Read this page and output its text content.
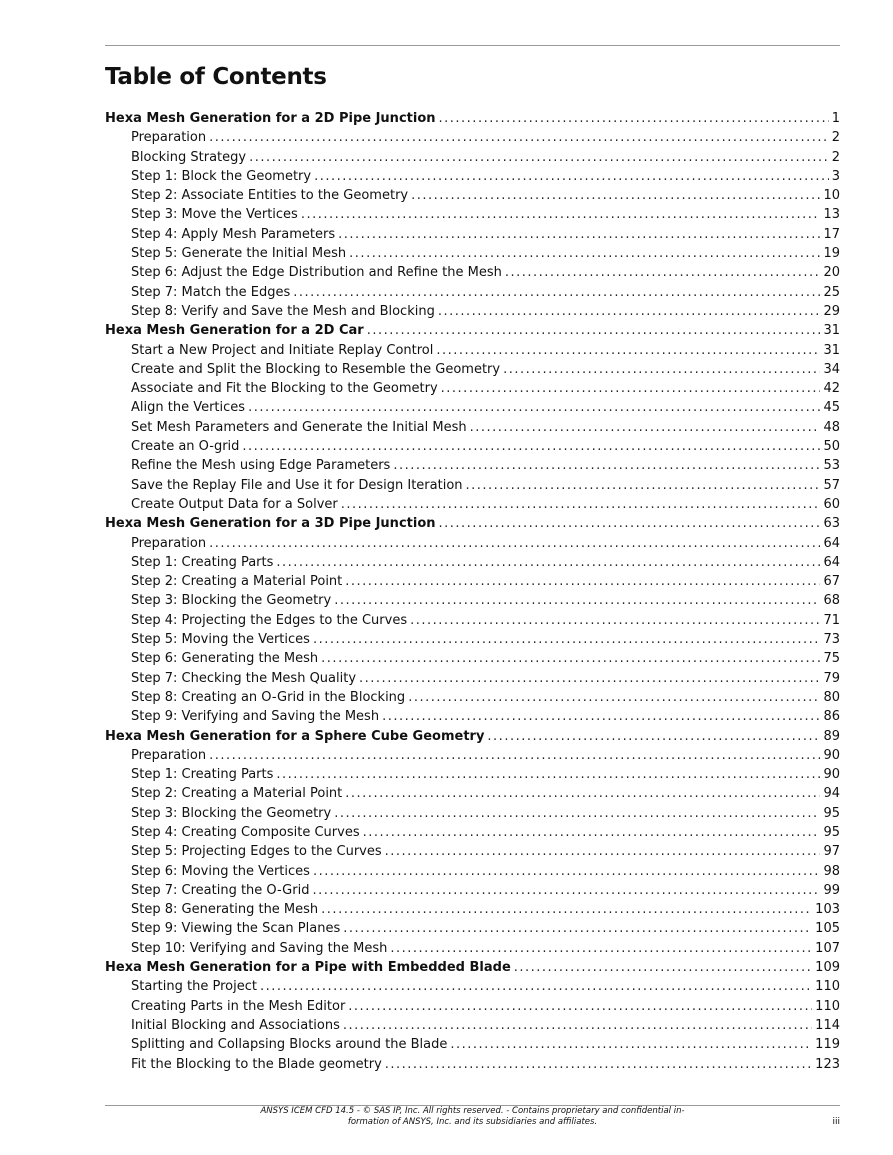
Table of Contents
Hexa Mesh Generation for a 2D Pipe Junction .....	1
Preparation .....	2
Blocking Strategy .....	2
Step 1: Block the Geometry .....	3
Step 2: Associate Entities to the Geometry .....	10
Step 3: Move the Vertices .....	13
Step 4: Apply Mesh Parameters .....	17
Step 5: Generate the Initial Mesh .....	19
Step 6: Adjust the Edge Distribution and Refine the Mesh .....	20
Step 7: Match the Edges .....	25
Step 8: Verify and Save the Mesh and Blocking .....	29
Hexa Mesh Generation for a 2D Car .....	31
Start a New Project and Initiate Replay Control .....	31
Create and Split the Blocking to Resemble the Geometry .....	34
Associate and Fit the Blocking to the Geometry .....	42
Align the Vertices .....	45
Set Mesh Parameters and Generate the Initial Mesh .....	48
Create an O-grid .....	50
Refine the Mesh using Edge Parameters .....	53
Save the Replay File and Use it for Design Iteration .....	57
Create Output Data for a Solver .....	60
Hexa Mesh Generation for a 3D Pipe Junction .....	63
Preparation .....	64
Step 1: Creating Parts .....	64
Step 2: Creating a Material Point .....	67
Step 3: Blocking the Geometry .....	68
Step 4: Projecting the Edges to the Curves .....	71
Step 5: Moving the Vertices .....	73
Step 6: Generating the Mesh .....	75
Step 7: Checking the Mesh Quality .....	79
Step 8: Creating an O-Grid in the Blocking .....	80
Step 9: Verifying and Saving the Mesh .....	86
Hexa Mesh Generation for a Sphere Cube Geometry .....	89
Preparation .....	90
Step 1: Creating Parts .....	90
Step 2: Creating a Material Point .....	94
Step 3: Blocking the Geometry .....	95
Step 4: Creating Composite Curves .....	95
Step 5: Projecting Edges to the Curves .....	97
Step 6: Moving the Vertices .....	98
Step 7: Creating the O-Grid .....	99
Step 8: Generating the Mesh .....	103
Step 9: Viewing the Scan Planes .....	105
Step 10: Verifying and Saving the Mesh .....	107
Hexa Mesh Generation for a Pipe with Embedded Blade .....	109
Starting the Project .....	110
Creating Parts in the Mesh Editor .....	110
Initial Blocking and Associations .....	114
Splitting and Collapsing Blocks around the Blade .....	119
Fit the Blocking to the Blade geometry .....	123
ANSYS ICEM CFD 14.5 - © SAS IP, Inc. All rights reserved. - Contains proprietary and confidential in-
formation of ANSYS, Inc. and its subsidiaries and affiliates.	iii
